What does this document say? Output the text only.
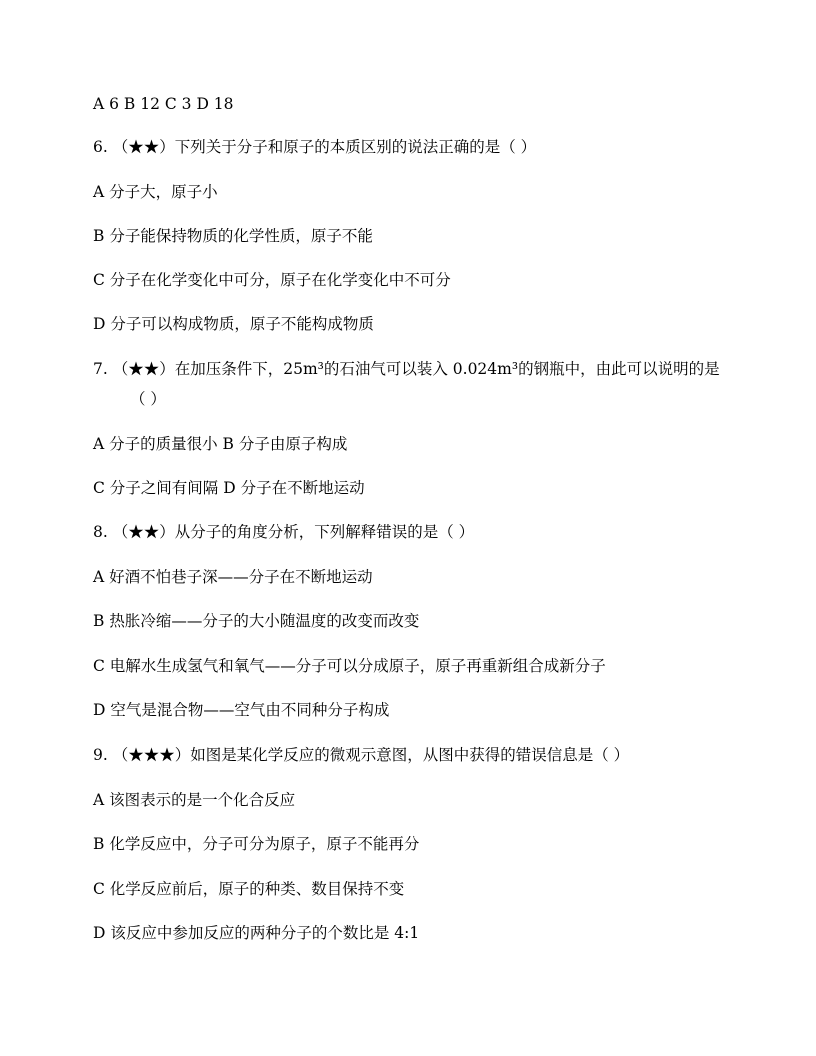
A 6 B 12 C 3 D 18
6. （★★）下列关于分子和原子的本质区别的说法正确的是（ ）
A 分子大，原子小
B 分子能保持物质的化学性质，原子不能
C 分子在化学变化中可分，原子在化学变化中不可分
D 分子可以构成物质，原子不能构成物质
7. （★★）在加压条件下，25m³的石油气可以装入 0.024m³的钢瓶中，由此可以说明的是
（ ）
A 分子的质量很小 B 分子由原子构成
C 分子之间有间隔 D 分子在不断地运动
8. （★★）从分子的角度分析，下列解释错误的是（ ）
A 好酒不怕巷子深——分子在不断地运动
B 热胀冷缩——分子的大小随温度的改变而改变
C 电解水生成氢气和氧气——分子可以分成原子，原子再重新组合成新分子
D 空气是混合物——空气由不同种分子构成
9. （★★★）如图是某化学反应的微观示意图，从图中获得的错误信息是（ ）
A 该图表示的是一个化合反应
B 化学反应中，分子可分为原子，原子不能再分
C 化学反应前后，原子的种类、数目保持不变
D 该反应中参加反应的两种分子的个数比是 4:1
